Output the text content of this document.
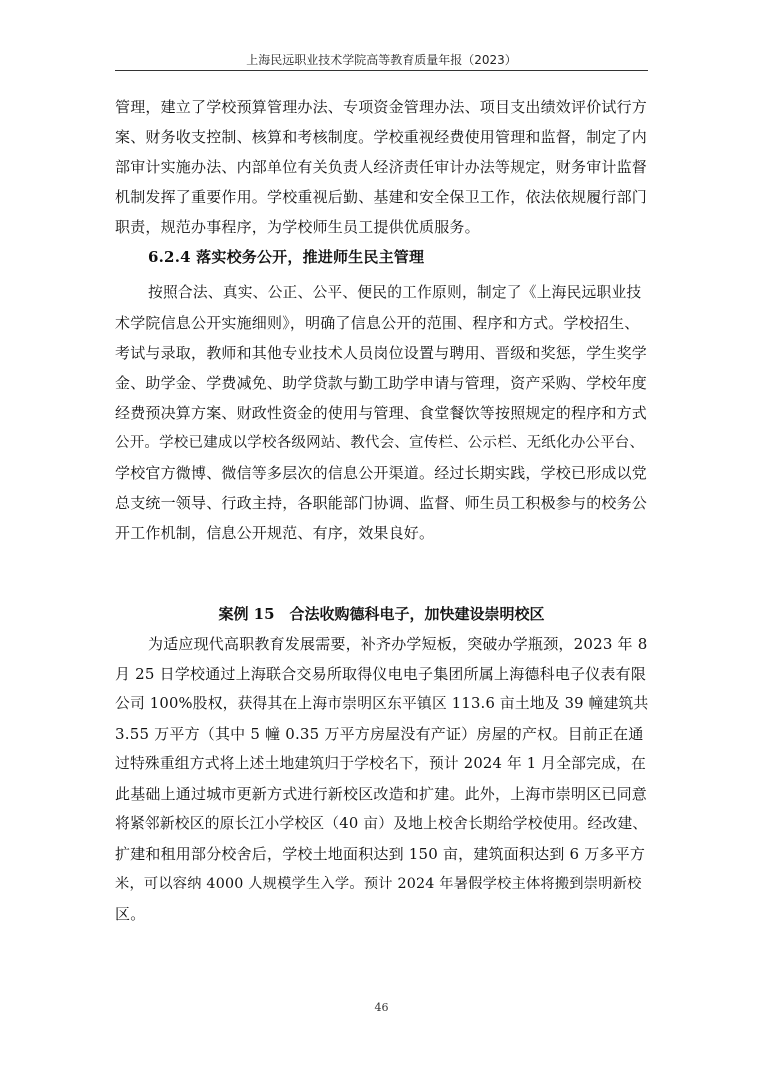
上海民远职业技术学院高等教育质量年报（2023）
管理，建立了学校预算管理办法、专项资金管理办法、项目支出绩效评价试行方
案、财务收支控制、核算和考核制度。学校重视经费使用管理和监督，制定了内
部审计实施办法、内部单位有关负责人经济责任审计办法等规定，财务审计监督
机制发挥了重要作用。学校重视后勤、基建和安全保卫工作，依法依规履行部门
职责，规范办事程序，为学校师生员工提供优质服务。
6.2.4 落实校务公开，推进师生民主管理
按照合法、真实、公正、公平、便民的工作原则，制定了《上海民远职业技
术学院信息公开实施细则》，明确了信息公开的范围、程序和方式。学校招生、
考试与录取，教师和其他专业技术人员岗位设置与聘用、晋级和奖惩，学生奖学
金、助学金、学费减免、助学贷款与勤工助学申请与管理，资产采购、学校年度
经费预决算方案、财政性资金的使用与管理、食堂餐饮等按照规定的程序和方式
公开。学校已建成以学校各级网站、教代会、宣传栏、公示栏、无纸化办公平台、
学校官方微博、微信等多层次的信息公开渠道。经过长期实践，学校已形成以党
总支统一领导、行政主持，各职能部门协调、监督、师生员工积极参与的校务公
开工作机制，信息公开规范、有序，效果良好。
案例 15　合法收购德科电子，加快建设崇明校区
为适应现代高职教育发展需要，补齐办学短板，突破办学瓶颈，2023 年 8
月 25 日学校通过上海联合交易所取得仪电电子集团所属上海德科电子仪表有限
公司 100%股权，获得其在上海市崇明区东平镇区 113.6 亩土地及 39 幢建筑共
3.55 万平方（其中 5 幢 0.35 万平方房屋没有产证）房屋的产权。目前正在通
过特殊重组方式将上述土地建筑归于学校名下，预计 2024 年 1 月全部完成，在
此基础上通过城市更新方式进行新校区改造和扩建。此外，上海市崇明区已同意
将紧邻新校区的原长江小学校区（40 亩）及地上校舍长期给学校使用。经改建、
扩建和租用部分校舍后，学校土地面积达到 150 亩，建筑面积达到 6 万多平方
米，可以容纳 4000 人规模学生入学。预计 2024 年暑假学校主体将搬到崇明新校
区。
46
